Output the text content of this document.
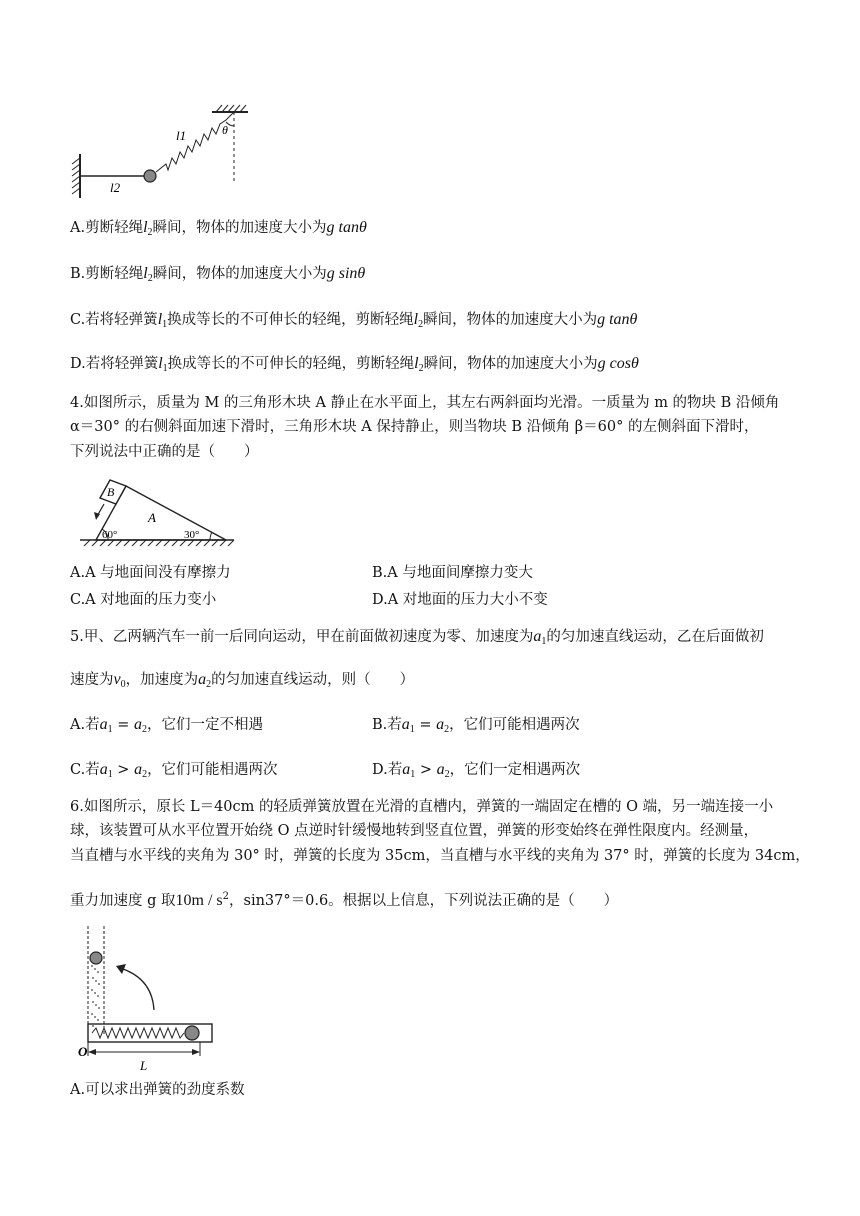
l1
l2
θ
A.剪断轻绳$l_2$瞬间，物体的加速度大小为g tanθ
B.剪断轻绳$l_2$瞬间，物体的加速度大小为g sinθ
C.若将轻弹簧$l_1$换成等长的不可伸长的轻绳，剪断轻绳$l_2$瞬间，物体的加速度大小为g tanθ
D.若将轻弹簧$l_1$换成等长的不可伸长的轻绳，剪断轻绳$l_2$瞬间，物体的加速度大小为g cosθ
4.如图所示，质量为 M 的三角形木块 A 静止在水平面上，其左右两斜面均光滑。一质量为 m 的物块 B 沿倾角
α＝30° 的右侧斜面加速下滑时，三角形木块 A 保持静止，则当物块 B 沿倾角 β＝60° 的左侧斜面下滑时，
下列说法中正确的是（　　）
B
A
60°	30°
A.A 与地面间没有摩擦力	B.A 与地面间摩擦力变大
C.A 对地面的压力变小	D.A 对地面的压力大小不变
5.甲、乙两辆汽车一前一后同向运动，甲在前面做初速度为零、加速度为$a_1$的匀加速直线运动，乙在后面做初
速度为$v_0$，加速度为$a_2$的匀加速直线运动，则（　　）
A.若$a_1 = a_2$，它们一定不相遇	B.若$a_1 = a_2$，它们可能相遇两次
C.若$a_1 > a_2$，它们可能相遇两次	D.若$a_1 > a_2$，它们一定相遇两次
6.如图所示，原长 L＝40cm 的轻质弹簧放置在光滑的直槽内，弹簧的一端固定在槽的 O 端，另一端连接一小
球，该装置可从水平位置开始绕 O 点逆时针缓慢地转到竖直位置，弹簧的形变始终在弹性限度内。经测量，
当直槽与水平线的夹角为 30° 时，弹簧的长度为 35cm，当直槽与水平线的夹角为 37° 时，弹簧的长度为 34cm，
重力加速度 g 取$10m / s^2$，sin37°＝0.6。根据以上信息，下列说法正确的是（　　）
O
L
A.可以求出弹簧的劲度系数
